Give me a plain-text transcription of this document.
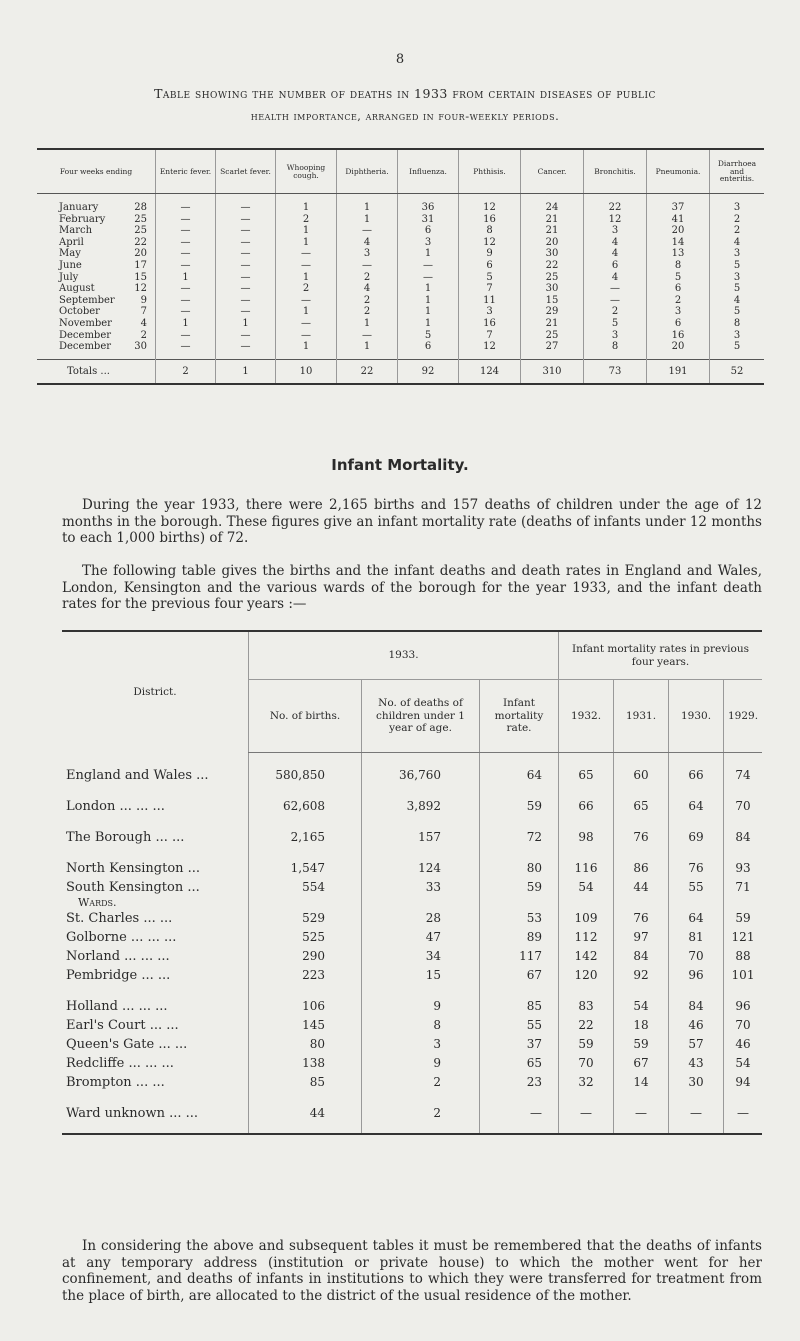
8
Table showing the number of deaths in 1933 from certain diseases of public
health importance, arranged in four-weekly periods.
Four weeks ending	Enteric fever.	Scarlet fever.	Whooping cough.	Diphtheria.	Influenza.	Phthisis.	Cancer.	Bronchitis.	Pneumonia.	Diarrhoea and enteritis.

January 28	—	—	1	1	36	12	24	22	37	3
February 25	—	—	2	1	31	16	21	12	41	2
March 25	—	—	1	—	6	8	21	3	20	2
April 22	—	—	1	4	3	12	20	4	14	4
May 20	—	—	—	3	1	9	30	4	13	3
June 17	—	—	—	—	—	6	22	6	8	5
July 15	1	—	1	2	—	5	25	4	5	3
August 12	—	—	2	4	1	7	30	—	6	5
September 9	—	—	—	2	1	11	15	—	2	4
October 7	—	—	1	2	1	3	29	2	3	5
November 4	1	1	—	1	1	16	21	5	6	8
December 2	—	—	—	—	5	7	25	3	16	3
December 30	—	—	1	1	6	12	27	8	20	5

Totals ...	2	1	10	22	92	124	310	73	191	52
Infant Mortality.

During the year 1933, there were 2,165 births and 157 deaths of children under the age of 12 months in the borough. These figures give an infant mortality rate (deaths of infants under 12 months to each 1,000 births) of 72.

The following table gives the births and the infant deaths and death rates in England and Wales, London, Kensington and the various wards of the borough for the year 1933, and the infant death rates for the previous four years :—

District.	1933.			Infant mortality rates in previous four years.			
	No. of births.	No. of deaths of children under 1 year of age.	Infant mortality rate.	1932.	1931.	1930.	1929.

England and Wales ...	580,850	36,760	64	65	60	66	74

London ... ... ...	62,608	3,892	59	66	65	64	70

The Borough ... ...	2,165	157	72	98	76	69	84

North Kensington ...	1,547	124	80	116	86	76	93
South Kensington ...	554	33	59	54	44	55	71
Wards.							
St. Charles ... ...	529	28	53	109	76	64	59
Golborne ... ... ...	525	47	89	112	97	81	121
Norland ... ... ...	290	34	117	142	84	70	88
Pembridge ... ...	223	15	67	120	92	96	101

Holland ... ... ...	106	9	85	83	54	84	96
Earl's Court ... ...	145	8	55	22	18	46	70
Queen's Gate ... ...	80	3	37	59	59	57	46
Redcliffe ... ... ...	138	9	65	70	67	43	54
Brompton ... ...	85	2	23	32	14	30	94

Ward unknown ... ...	44	2	—	—	—	—	—

In considering the above and subsequent tables it must be remembered that the deaths of infants at any temporary address (institution or private house) to which the mother went for her confinement, and deaths of infants in institutions to which they were transferred for treatment from the place of birth, are allocated to the district of the usual residence of the mother.
